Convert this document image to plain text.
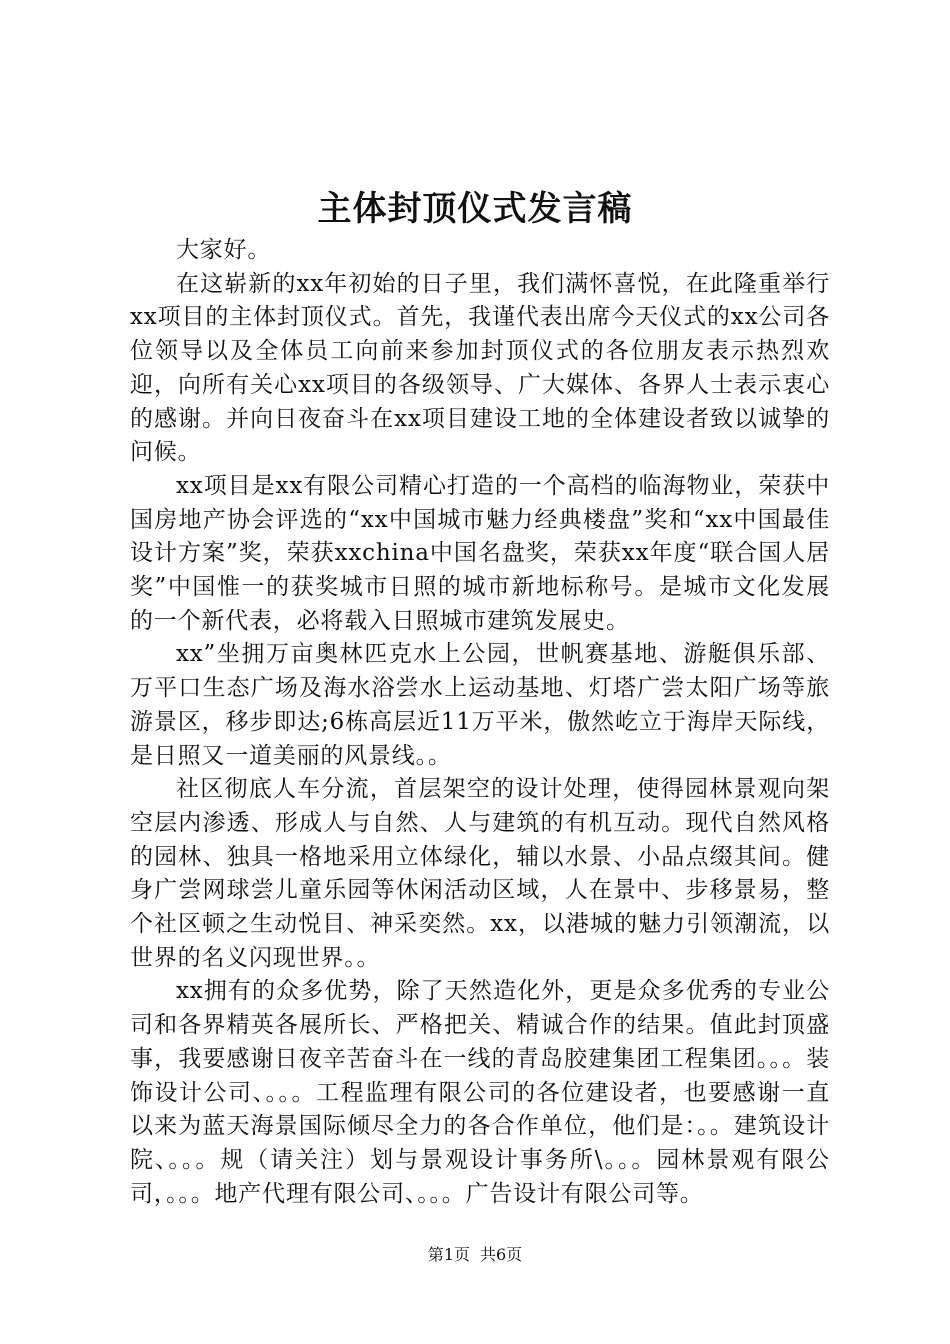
主体封顶仪式发言稿

大家好。

在这崭新的xx年初始的日子里，我们满怀喜悦，在此隆重举行xx项目的主体封顶仪式。首先，我谨代表出席今天仪式的xx公司各位领导以及全体员工向前来参加封顶仪式的各位朋友表示热烈欢迎，向所有关心xx项目的各级领导、广大媒体、各界人士表示衷心的感谢。并向日夜奋斗在xx项目建设工地的全体建设者致以诚挚的问候。

xx项目是xx有限公司精心打造的一个高档的临海物业，荣获中国房地产协会评选的“xx中国城市魅力经典楼盘”奖和“xx中国最佳设计方案”奖，荣获xxchina中国名盘奖，荣获xx年度“联合国人居奖”中国惟一的获奖城市日照的城市新地标称号。是城市文化发展的一个新代表，必将载入日照城市建筑发展史。

xx”坐拥万亩奥林匹克水上公园，世帆赛基地、游艇俱乐部、万平口生态广场及海水浴尝水上运动基地、灯塔广尝太阳广场等旅游景区，移步即达;6栋高层近11万平米，傲然屹立于海岸天际线，是日照又一道美丽的风景线。。

社区彻底人车分流，首层架空的设计处理，使得园林景观向架空层内渗透、形成人与自然、人与建筑的有机互动。现代自然风格的园林、独具一格地采用立体绿化，辅以水景、小品点缀其间。健身广尝网球尝儿童乐园等休闲活动区域，人在景中、步移景易，整个社区顿之生动悦目、神采奕然。xx，以港城的魅力引领潮流，以世界的名义闪现世界。。

xx拥有的众多优势，除了天然造化外，更是众多优秀的专业公司和各界精英各展所长、严格把关、精诚合作的结果。值此封顶盛事，我要感谢日夜辛苦奋斗在一线的青岛胶建集团工程集团。。。装饰设计公司、。。。工程监理有限公司的各位建设者，也要感谢一直以来为蓝天海景国际倾尽全力的各合作单位，他们是：。。建筑设计院、。。。规（请关注）划与景观设计事务所\。。。园林景观有限公司，。。。地产代理有限公司、。。。广告设计有限公司等。

第1页 共6页
